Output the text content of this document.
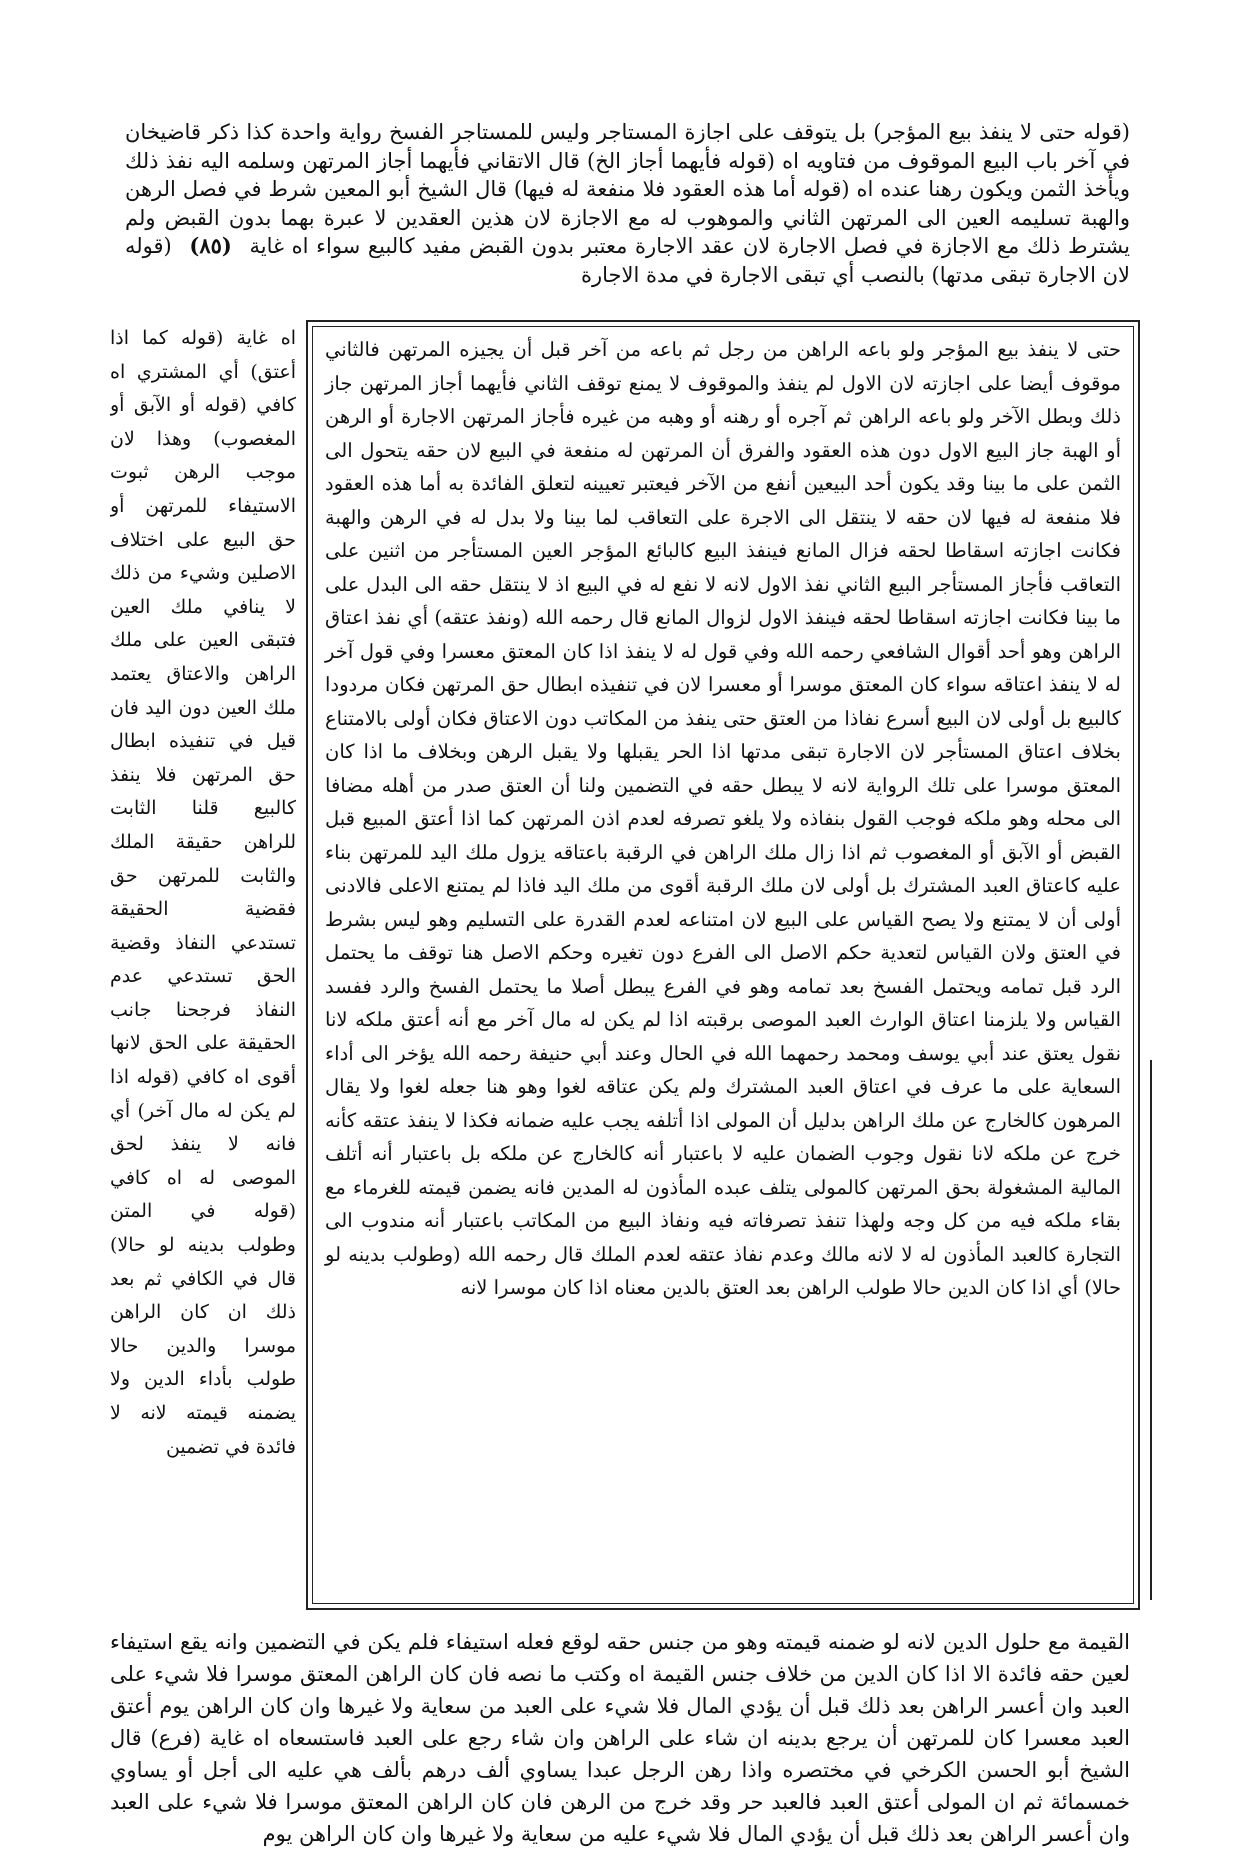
(قوله حتى لا ينفذ بيع المؤجر) بل يتوقف على اجازة المستاجر وليس للمستاجر الفسخ رواية واحدة كذا ذكر قاضيخان في آخر باب البيع الموقوف من فتاويه اه (قوله فأيهما أجاز الخ) قال الاتقاني فأيهما أجاز المرتهن وسلمه اليه نفذ ذلك ويأخذ الثمن ويكون رهنا عنده اه (قوله أما هذه العقود فلا منفعة له فيها) قال الشيخ أبو المعين شرط في فصل الرهن والهبة تسليمه العين الى المرتهن الثاني والموهوب له مع الاجازة لان هذين العقدين لا عبرة بهما بدون القبض ولم يشترط ذلك مع الاجازة في فصل الاجارة لان عقد الاجارة معتبر بدون القبض مفيد كالبيع سواء اه غاية (٨٥) (قوله لان الاجارة تبقى مدتها) بالنصب أي تبقى الاجارة في مدة الاجارة
اه غاية (قوله كما اذا أعتق) أي المشتري اه كافي (قوله أو الآبق أو المغصوب) وهذا لان موجب الرهن ثبوت الاستيفاء للمرتهن أو حق البيع على اختلاف الاصلين وشيء من ذلك لا ينافي ملك العين فتبقى العين على ملك الراهن والاعتاق يعتمد ملك العين دون اليد فان قيل في تنفيذه ابطال حق المرتهن فلا ينفذ كالبيع قلنا الثابت للراهن حقيقة الملك والثابت للمرتهن حق فقضية الحقيقة تستدعي النفاذ وقضية الحق تستدعي عدم النفاذ فرجحنا جانب الحقيقة على الحق لانها أقوى اه كافي (قوله اذا لم يكن له مال آخر) أي فانه لا ينفذ لحق الموصى له اه كافي (قوله في المتن وطولب بدينه لو حالا) قال في الكافي ثم بعد ذلك ان كان الراهن موسرا والدين حالا طولب بأداء الدين ولا يضمنه قيمته لانه لا فائدة في تضمين
حتى لا ينفذ بيع المؤجر ولو باعه الراهن من رجل ثم باعه من آخر قبل أن يجيزه المرتهن فالثاني موقوف أيضا على اجازته لان الاول لم ينفذ والموقوف لا يمنع توقف الثاني فأيهما أجاز المرتهن جاز ذلك وبطل الآخر ولو باعه الراهن ثم آجره أو رهنه أو وهبه من غيره فأجاز المرتهن الاجارة أو الرهن أو الهبة جاز البيع الاول دون هذه العقود والفرق أن المرتهن له منفعة في البيع لان حقه يتحول الى الثمن على ما بينا وقد يكون أحد البيعين أنفع من الآخر فيعتبر تعيينه لتعلق الفائدة به أما هذه العقود فلا منفعة له فيها لان حقه لا ينتقل الى الاجرة على التعاقب لما بينا ولا بدل له في الرهن والهبة فكانت اجازته اسقاطا لحقه فزال المانع فينفذ البيع كالبائع المؤجر العين المستأجر من اثنين على التعاقب فأجاز المستأجر البيع الثاني نفذ الاول لانه لا نفع له في البيع اذ لا ينتقل حقه الى البدل على ما بينا فكانت اجازته اسقاطا لحقه فينفذ الاول لزوال المانع قال رحمه الله (ونفذ عتقه) أي نفذ اعتاق الراهن وهو أحد أقوال الشافعي رحمه الله وفي قول له لا ينفذ اذا كان المعتق معسرا وفي قول آخر له لا ينفذ اعتاقه سواء كان المعتق موسرا أو معسرا لان في تنفيذه ابطال حق المرتهن فكان مردودا كالبيع بل أولى لان البيع أسرع نفاذا من العتق حتى ينفذ من المكاتب دون الاعتاق فكان أولى بالامتناع بخلاف اعتاق المستأجر لان الاجارة تبقى مدتها اذا الحر يقبلها ولا يقبل الرهن وبخلاف ما اذا كان المعتق موسرا على تلك الرواية لانه لا يبطل حقه في التضمين ولنا أن العتق صدر من أهله مضافا الى محله وهو ملكه فوجب القول بنفاذه ولا يلغو تصرفه لعدم اذن المرتهن كما اذا أعتق المبيع قبل القبض أو الآبق أو المغصوب ثم اذا زال ملك الراهن في الرقبة باعتاقه يزول ملك اليد للمرتهن بناء عليه كاعتاق العبد المشترك بل أولى لان ملك الرقبة أقوى من ملك اليد فاذا لم يمتنع الاعلى فالادنى أولى أن لا يمتنع ولا يصح القياس على البيع لان امتناعه لعدم القدرة على التسليم وهو ليس بشرط في العتق ولان القياس لتعدية حكم الاصل الى الفرع دون تغيره وحكم الاصل هنا توقف ما يحتمل الرد قبل تمامه ويحتمل الفسخ بعد تمامه وهو في الفرع يبطل أصلا ما يحتمل الفسخ والرد ففسد القياس ولا يلزمنا اعتاق الوارث العبد الموصى برقبته اذا لم يكن له مال آخر مع أنه أعتق ملكه لانا نقول يعتق عند أبي يوسف ومحمد رحمهما الله في الحال وعند أبي حنيفة رحمه الله يؤخر الى أداء السعاية على ما عرف في اعتاق العبد المشترك ولم يكن عتاقه لغوا وهو هنا جعله لغوا ولا يقال المرهون كالخارج عن ملك الراهن بدليل أن المولى اذا أتلفه يجب عليه ضمانه فكذا لا ينفذ عتقه كأنه خرج عن ملكه لانا نقول وجوب الضمان عليه لا باعتبار أنه كالخارج عن ملكه بل باعتبار أنه أتلف المالية المشغولة بحق المرتهن كالمولى يتلف عبده المأذون له المدين فانه يضمن قيمته للغرماء مع بقاء ملكه فيه من كل وجه ولهذا تنفذ تصرفاته فيه ونفاذ البيع من المكاتب باعتبار أنه مندوب الى التجارة كالعبد المأذون له لا لانه مالك وعدم نفاذ عتقه لعدم الملك قال رحمه الله (وطولب بدينه لو حالا) أي اذا كان الدين حالا طولب الراهن بعد العتق بالدين معناه اذا كان موسرا لانه
القيمة مع حلول الدين لانه لو ضمنه قيمته وهو من جنس حقه لوقع فعله استيفاء فلم يكن في التضمين وانه يقع استيفاء لعين حقه فائدة الا اذا كان الدين من خلاف جنس القيمة اه وكتب ما نصه فان كان الراهن المعتق موسرا فلا شيء على العبد وان أعسر الراهن بعد ذلك قبل أن يؤدي المال فلا شيء على العبد من سعاية ولا غيرها وان كان الراهن يوم أعتق العبد معسرا كان للمرتهن أن يرجع بدينه ان شاء على الراهن وان شاء رجع على العبد فاستسعاه اه غاية (فرع) قال الشيخ أبو الحسن الكرخي في مختصره واذا رهن الرجل عبدا يساوي ألف درهم بألف هي عليه الى أجل أو يساوي خمسمائة ثم ان المولى أعتق العبد فالعبد حر وقد خرج من الرهن فان كان الراهن المعتق موسرا فلا شيء على العبد وان أعسر الراهن بعد ذلك قبل أن يؤدي المال فلا شيء عليه من سعاية ولا غيرها وان كان الراهن يوم
